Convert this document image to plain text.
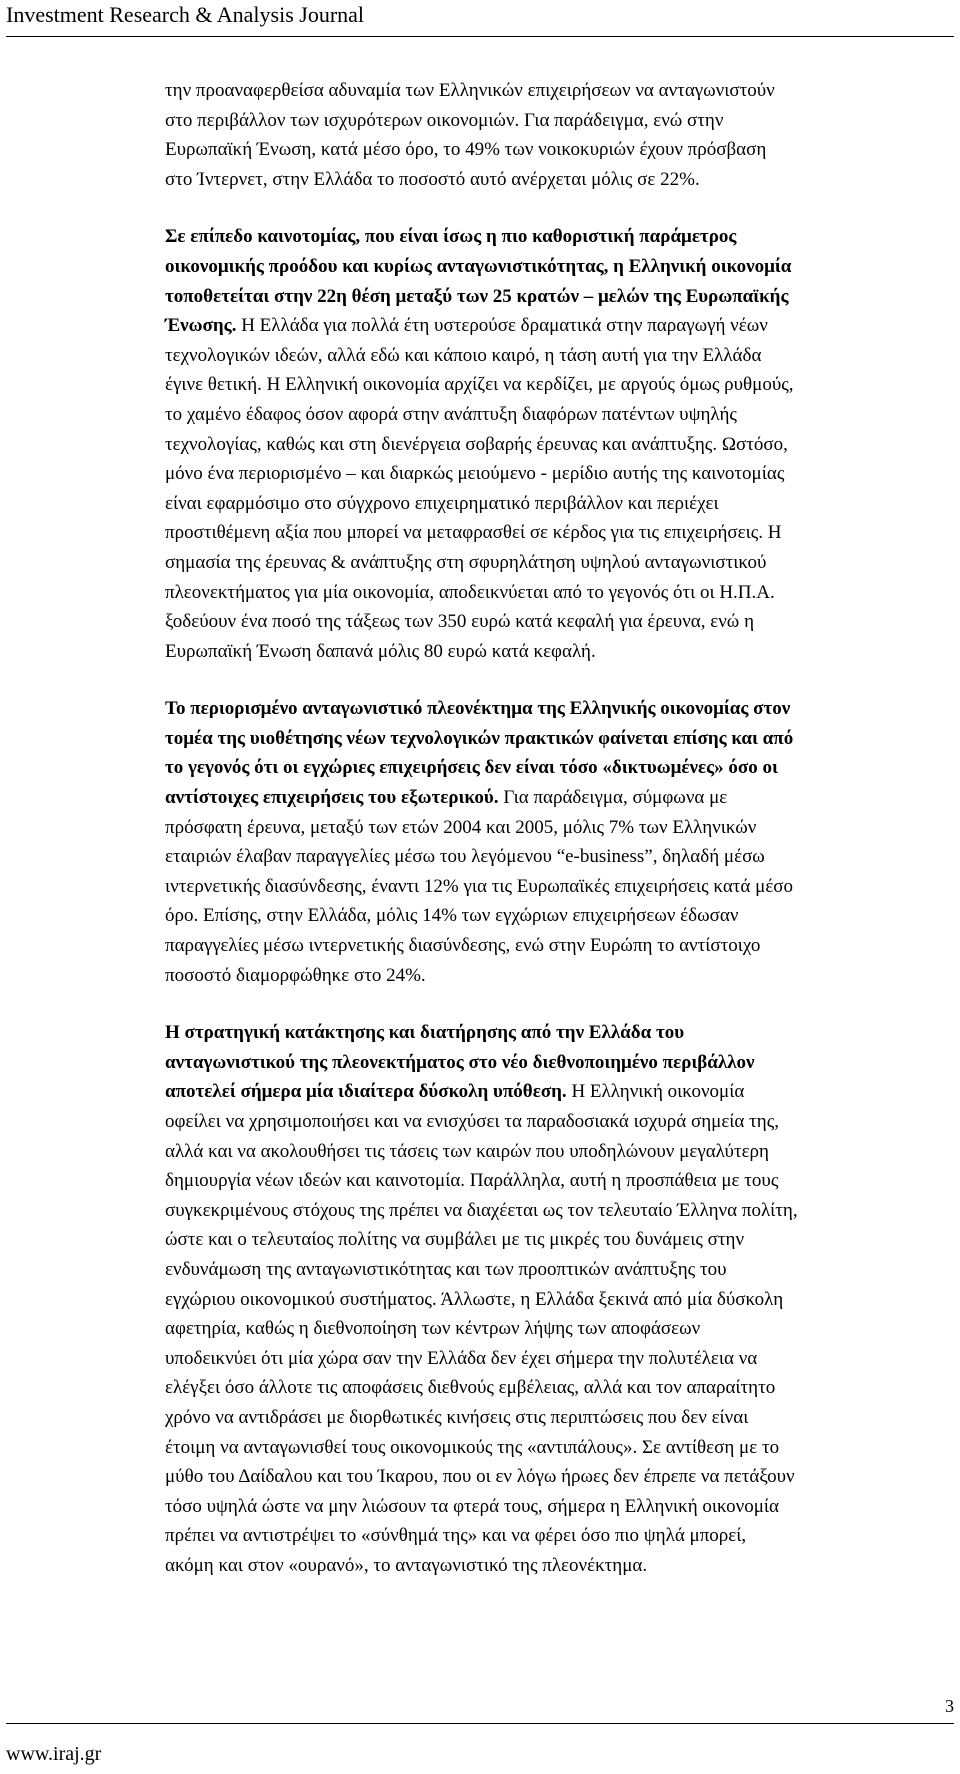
Investment Research & Analysis Journal

την προαναφερθείσα αδυναμία των Ελληνικών επιχειρήσεων να ανταγωνιστούν
στο περιβάλλον των ισχυρότερων οικονομιών. Για παράδειγμα, ενώ στην
Ευρωπαϊκή Ένωση, κατά μέσο όρο, το 49% των νοικοκυριών έχουν πρόσβαση
στο Ίντερνετ, στην Ελλάδα το ποσοστό αυτό ανέρχεται μόλις σε 22%.

Σε επίπεδο καινοτομίας, που είναι ίσως η πιο καθοριστική παράμετρος
οικονομικής προόδου και κυρίως ανταγωνιστικότητας, η Ελληνική οικονομία
τοποθετείται στην 22η θέση μεταξύ των 25 κρατών – μελών της Ευρωπαϊκής
Ένωσης. Η Ελλάδα για πολλά έτη υστερούσε δραματικά στην παραγωγή νέων
τεχνολογικών ιδεών, αλλά εδώ και κάποιο καιρό, η τάση αυτή για την Ελλάδα
έγινε θετική. Η Ελληνική οικονομία αρχίζει να κερδίζει, με αργούς όμως ρυθμούς,
το χαμένο έδαφος όσον αφορά στην ανάπτυξη διαφόρων πατέντων υψηλής
τεχνολογίας, καθώς και στη διενέργεια σοβαρής έρευνας και ανάπτυξης. Ωστόσο,
μόνο ένα περιορισμένο – και διαρκώς μειούμενο - μερίδιο αυτής της καινοτομίας
είναι εφαρμόσιμο στο σύγχρονο επιχειρηματικό περιβάλλον και περιέχει
προστιθέμενη αξία που μπορεί να μεταφρασθεί σε κέρδος για τις επιχειρήσεις. Η
σημασία της έρευνας & ανάπτυξης στη σφυρηλάτηση υψηλού ανταγωνιστικού
πλεονεκτήματος για μία οικονομία, αποδεικνύεται από το γεγονός ότι οι Η.Π.Α.
ξοδεύουν ένα ποσό της τάξεως των 350 ευρώ κατά κεφαλή για έρευνα, ενώ η
Ευρωπαϊκή Ένωση δαπανά μόλις 80 ευρώ κατά κεφαλή.

Το περιορισμένο ανταγωνιστικό πλεονέκτημα της Ελληνικής οικονομίας στον
τομέα της υιοθέτησης νέων τεχνολογικών πρακτικών φαίνεται επίσης και από
το γεγονός ότι οι εγχώριες επιχειρήσεις δεν είναι τόσο «δικτυωμένες» όσο οι
αντίστοιχες επιχειρήσεις του εξωτερικού. Για παράδειγμα, σύμφωνα με
πρόσφατη έρευνα, μεταξύ των ετών 2004 και 2005, μόλις 7% των Ελληνικών
εταιριών έλαβαν παραγγελίες μέσω του λεγόμενου “e-business”, δηλαδή μέσω
ιντερνετικής διασύνδεσης, έναντι 12% για τις Ευρωπαϊκές επιχειρήσεις κατά μέσο
όρο. Επίσης, στην Ελλάδα, μόλις 14% των εγχώριων επιχειρήσεων έδωσαν
παραγγελίες μέσω ιντερνετικής διασύνδεσης, ενώ στην Ευρώπη το αντίστοιχο
ποσοστό διαμορφώθηκε στο 24%.

Η στρατηγική κατάκτησης και διατήρησης από την Ελλάδα του
ανταγωνιστικού της πλεονεκτήματος στο νέο διεθνοποιημένο περιβάλλον
αποτελεί σήμερα μία ιδιαίτερα δύσκολη υπόθεση. Η Ελληνική οικονομία
οφείλει να χρησιμοποιήσει και να ενισχύσει τα παραδοσιακά ισχυρά σημεία της,
αλλά και να ακολουθήσει τις τάσεις των καιρών που υποδηλώνουν μεγαλύτερη
δημιουργία νέων ιδεών και καινοτομία. Παράλληλα, αυτή η προσπάθεια με τους
συγκεκριμένους στόχους της πρέπει να διαχέεται ως τον τελευταίο Έλληνα πολίτη,
ώστε και ο τελευταίος πολίτης να συμβάλει με τις μικρές του δυνάμεις στην
ενδυνάμωση της ανταγωνιστικότητας και των προοπτικών ανάπτυξης του
εγχώριου οικονομικού συστήματος. Άλλωστε, η Ελλάδα ξεκινά από μία δύσκολη
αφετηρία, καθώς η διεθνοποίηση των κέντρων λήψης των αποφάσεων
υποδεικνύει ότι μία χώρα σαν την Ελλάδα δεν έχει σήμερα την πολυτέλεια να
ελέγξει όσο άλλοτε τις αποφάσεις διεθνούς εμβέλειας, αλλά και τον απαραίτητο
χρόνο να αντιδράσει με διορθωτικές κινήσεις στις περιπτώσεις που δεν είναι
έτοιμη να ανταγωνισθεί τους οικονομικούς της «αντιπάλους». Σε αντίθεση με το
μύθο του Δαίδαλου και του Ίκαρου, που οι εν λόγω ήρωες δεν έπρεπε να πετάξουν
τόσο υψηλά ώστε να μην λιώσουν τα φτερά τους, σήμερα η Ελληνική οικονομία
πρέπει να αντιστρέψει το «σύνθημά της» και να φέρει όσο πιο ψηλά μπορεί,
ακόμη και στον «ουρανό», το ανταγωνιστικό της πλεονέκτημα.

3
www.iraj.gr
